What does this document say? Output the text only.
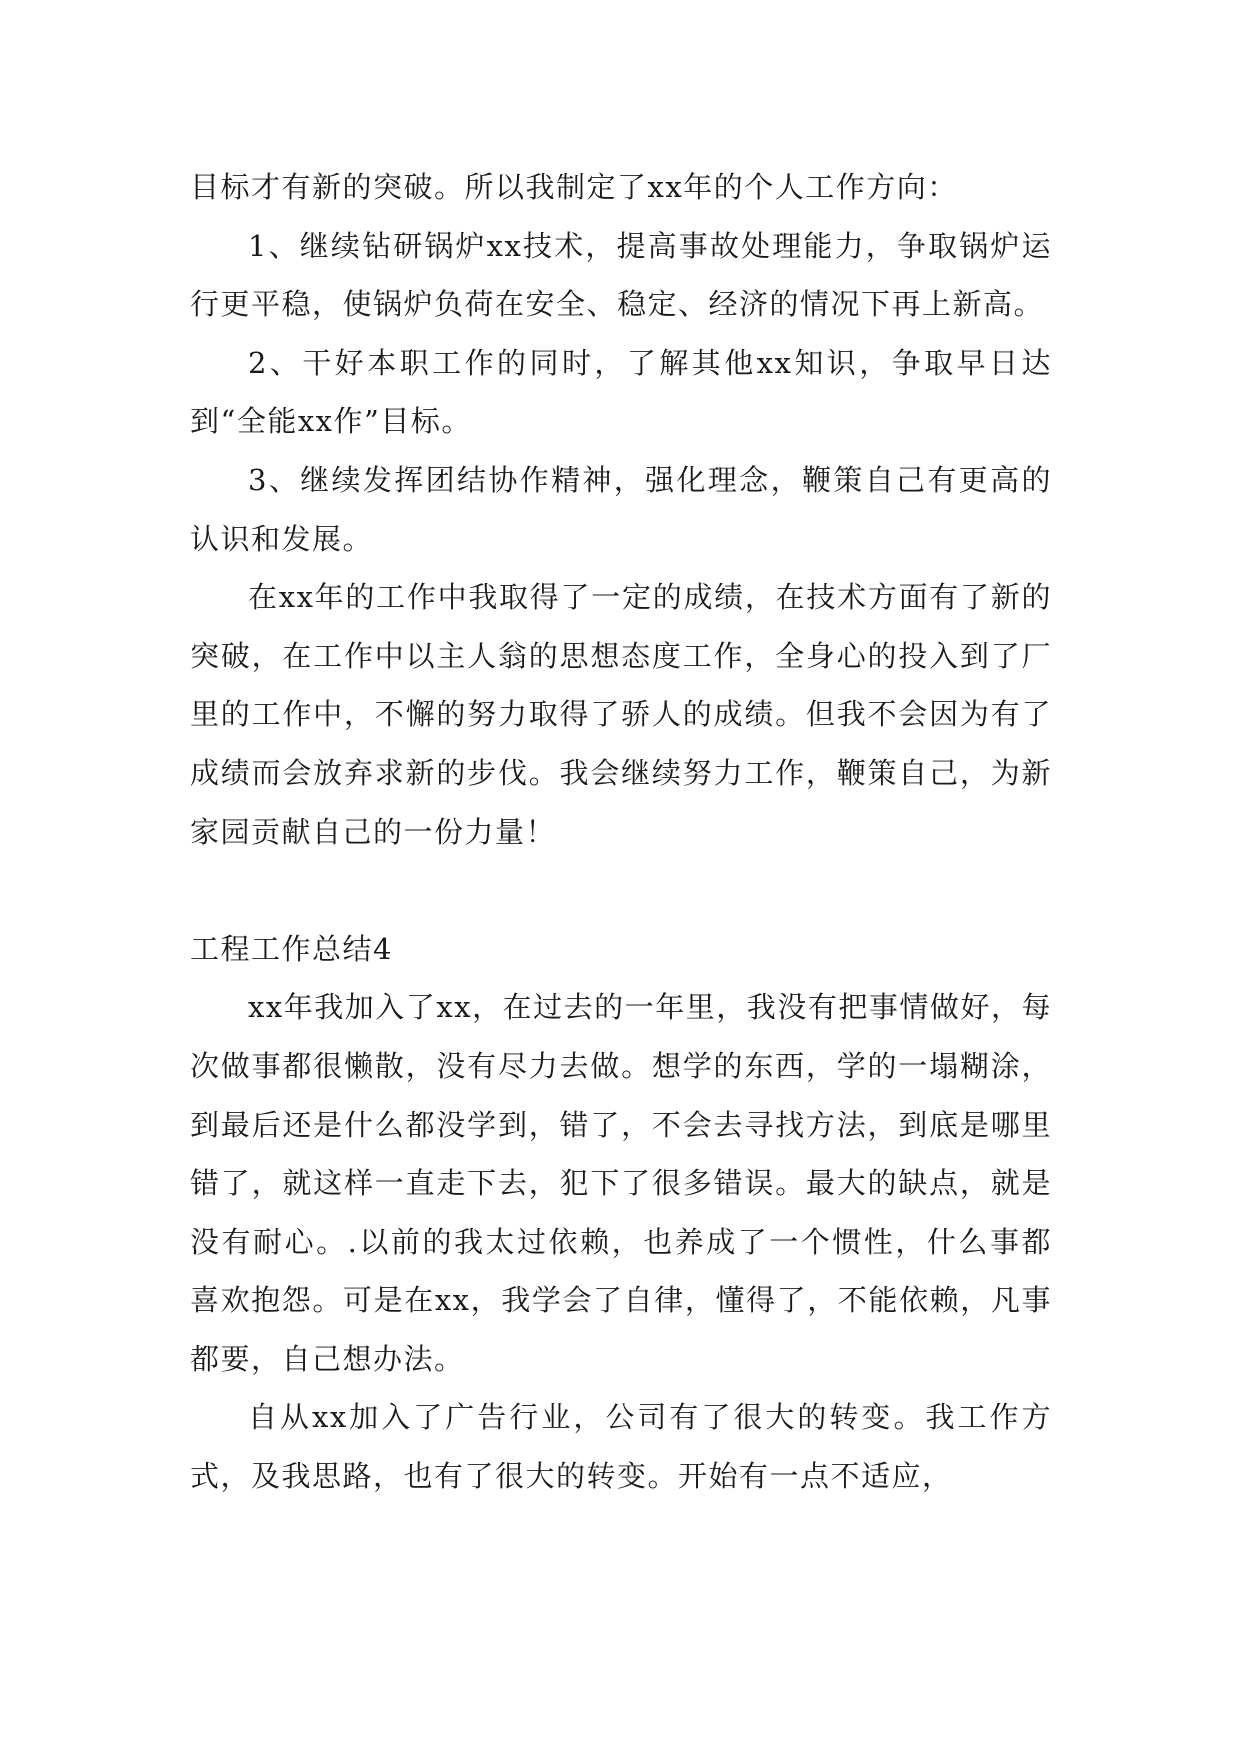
目标才有新的突破。所以我制定了xx年的个人工作方向：

1、继续钻研锅炉xx技术，提高事故处理能力，争取锅炉运行更平稳，使锅炉负荷在安全、稳定、经济的情况下再上新高。

2、干好本职工作的同时，了解其他xx知识，争取早日达到“全能xx作”目标。

3、继续发挥团结协作精神，强化理念，鞭策自己有更高的认识和发展。

在xx年的工作中我取得了一定的成绩，在技术方面有了新的突破，在工作中以主人翁的思想态度工作，全身心的投入到了厂里的工作中，不懈的努力取得了骄人的成绩。但我不会因为有了成绩而会放弃求新的步伐。我会继续努力工作，鞭策自己，为新家园贡献自己的一份力量！

工程工作总结4

xx年我加入了xx，在过去的一年里，我没有把事情做好，每次做事都很懒散，没有尽力去做。想学的东西，学的一塌糊涂，到最后还是什么都没学到，错了，不会去寻找方法，到底是哪里错了，就这样一直走下去，犯下了很多错误。最大的缺点，就是没有耐心。.以前的我太过依赖，也养成了一个惯性，什么事都喜欢抱怨。可是在xx，我学会了自律，懂得了，不能依赖，凡事都要，自己想办法。

自从xx加入了广告行业，公司有了很大的转变。我工作方式，及我思路，也有了很大的转变。开始有一点不适应，
